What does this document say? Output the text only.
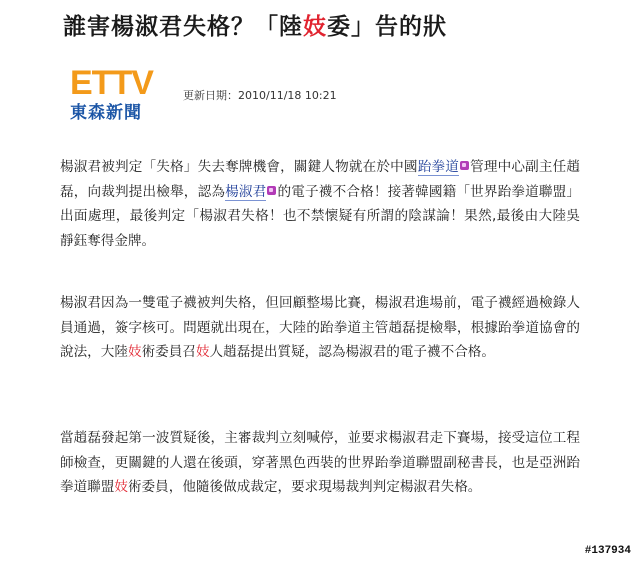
誰害楊淑君失格？「陸妓委」告的狀
ETTV
東森新聞
更新日期：2010/11/18 10:21
楊淑君被判定「失格」失去奪牌機會，關鍵人物就在於中國跆拳道 管理中心副主任趙磊，向裁判提出檢舉，認為楊淑君 的電子襪不合格！接著韓國籍「世界跆拳道聯盟」出面處理，最後判定「楊淑君失格！也不禁懷疑有所謂的陰謀論！果然,最後由大陸吳靜鈺奪得金牌。
楊淑君因為一雙電子襪被判失格，但回顧整場比賽，楊淑君進場前，電子襪經過檢錄人員通過，簽字核可。問題就出現在，大陸的跆拳道主管趙磊提檢舉，根據跆拳道協會的說法，大陸妓術委員召妓人趙磊提出質疑，認為楊淑君的電子襪不合格。
當趙磊發起第一波質疑後，主審裁判立刻喊停，並要求楊淑君走下賽場，接受這位工程師檢查，更關鍵的人還在後頭，穿著黑色西裝的世界跆拳道聯盟副秘書長，也是亞洲跆拳道聯盟妓術委員，他隨後做成裁定，要求現場裁判判定楊淑君失格。
#137934
